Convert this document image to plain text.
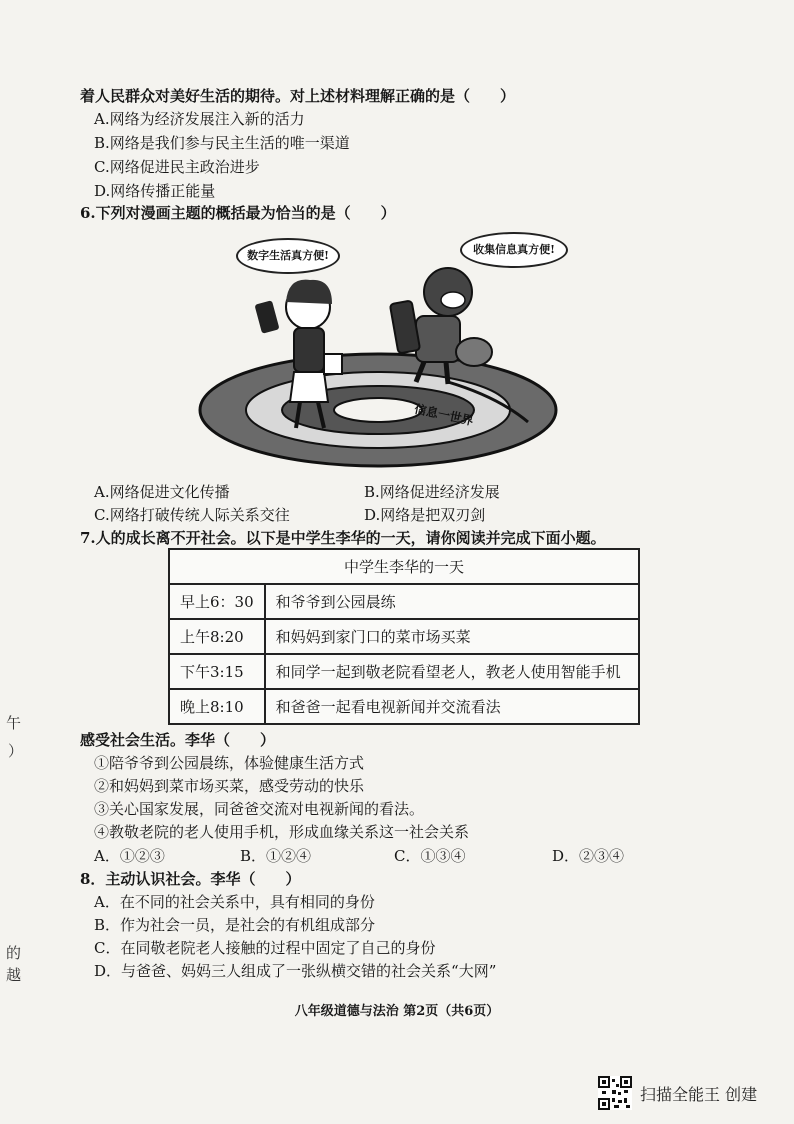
着人民群众对美好生活的期待。对上述材料理解正确的是（　　）
A.网络为经济发展注入新的活力
B.网络是我们参与民主生活的唯一渠道
C.网络促进民主政治进步
D.网络传播正能量
6.下列对漫画主题的概括最为恰当的是（　　）
数字生活真方便!	收集信息真方便!
信息一世界
A.网络促进文化传播	B.网络促进经济发展
C.网络打破传统人际关系交往	D.网络是把双刃剑
7.人的成长离不开社会。以下是中学生李华的一天，请你阅读并完成下面小题。
中学生李华的一天	
早上6：30	和爷爷到公园晨练
上午8:20	和妈妈到家门口的菜市场买菜
下午3:15	和同学一起到敬老院看望老人，教老人使用智能手机
晚上8:10	和爸爸一起看电视新闻并交流看法
感受社会生活。李华（　　）
①陪爷爷到公园晨练，体验健康生活方式
②和妈妈到菜市场买菜，感受劳动的快乐
③关心国家发展，同爸爸交流对电视新闻的看法。
④教敬老院的老人使用手机，形成血缘关系这一社会关系
A．①②③	B．①②④	C．①③④	D．②③④
8．主动认识社会。李华（　　）
A．在不同的社会关系中，具有相同的身份
B．作为社会一员，是社会的有机组成部分
C．在同敬老院老人接触的过程中固定了自己的身份
D．与爸爸、妈妈三人组成了一张纵横交错的社会关系“大网”
午
）
的
越
八年级道德与法治 第2页（共6页）
扫描全能王 创建
